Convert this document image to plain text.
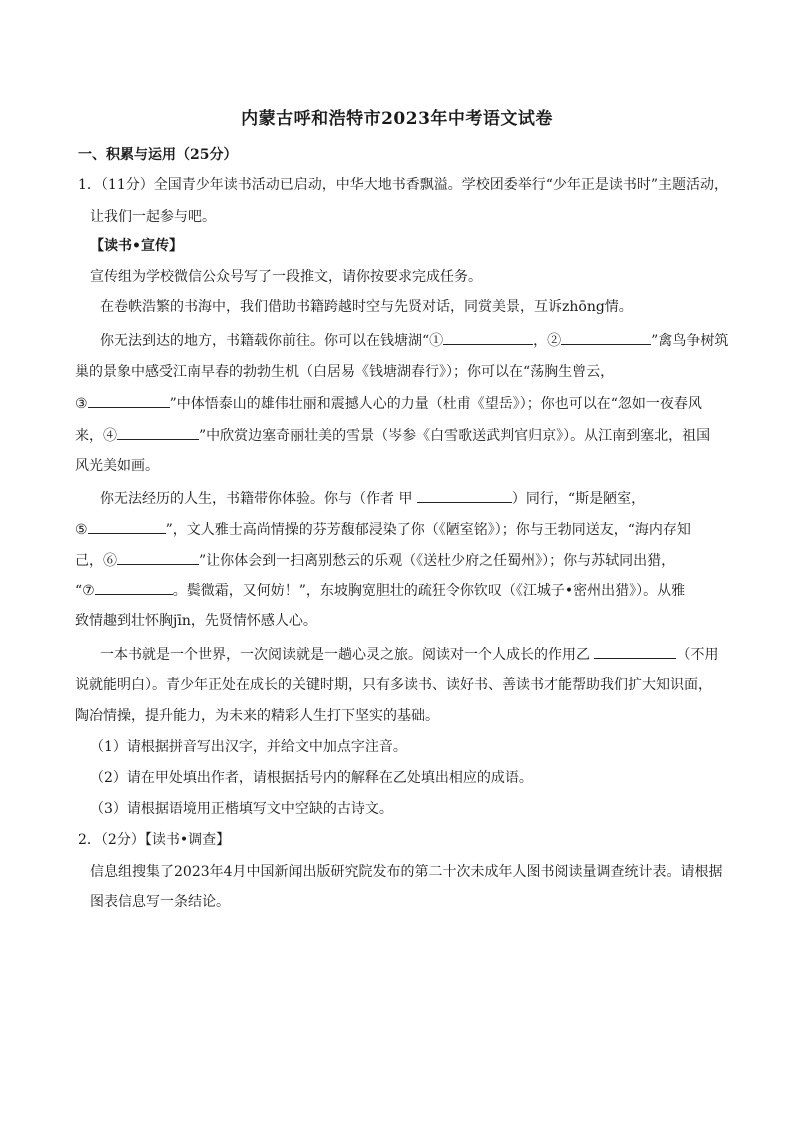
内蒙古呼和浩特市2023年中考语文试卷
一、积累与运用（25分）
1．（11分）全国青少年读书活动已启动，中华大地书香飘溢。学校团委举行“少年正是读书时”主题活动，
让我们一起参与吧。
【读书•宣传】
宣传组为学校微信公众号写了一段推文，请你按要求完成任务。
在卷帙浩繁的书海中，我们借助书籍跨越时空与先贤对话，同赏美景，互诉zhōng情。
你无法到达的地方，书籍载你前往。你可以在钱塘湖“①	，②	”禽鸟争树筑
巢的景象中感受江南早春的勃勃生机（白居易《钱塘湖春行》）；你可以在“荡胸生曾云，
③	”中体悟泰山的雄伟壮丽和震撼人心的力量（杜甫《望岳》）；你也可以在“忽如一夜春风
来，④	”中欣赏边塞奇丽壮美的雪景（岑参《白雪歌送武判官归京》）。从江南到塞北，祖国
风光美如画。
你无法经历的人生，书籍带你体验。你与（作者 甲	）同行，“斯是陋室，
⑤	”，文人雅士高尚情操的芬芳馥郁浸染了你（《陋室铭》）；你与王勃同送友，“海内存知
己，⑥	”让你体会到一扫离别愁云的乐观（《送杜少府之任蜀州》）；你与苏轼同出猎，
“⑦	。鬓微霜，又何妨！”，东坡胸宽胆壮的疏狂令你钦叹（《江城子•密州出猎》）。从雅
致情趣到壮怀胸jīn，先贤情怀感人心。
一本书就是一个世界，一次阅读就是一趟心灵之旅。阅读对一个人成长的作用乙	（不用
说就能明白）。青少年正处在成长的关键时期，只有多读书、读好书、善读书才能帮助我们扩大知识面，
陶冶情操，提升能力，为未来的精彩人生打下坚实的基础。
（1）请根据拼音写出汉字，并给文中加点字注音。
（2）请在甲处填出作者，请根据括号内的解释在乙处填出相应的成语。
（3）请根据语境用正楷填写文中空缺的古诗文。
2．（2分）【读书•调查】
信息组搜集了2023年4月中国新闻出版研究院发布的第二十次未成年人图书阅读量调查统计表。请根据
图表信息写一条结论。
